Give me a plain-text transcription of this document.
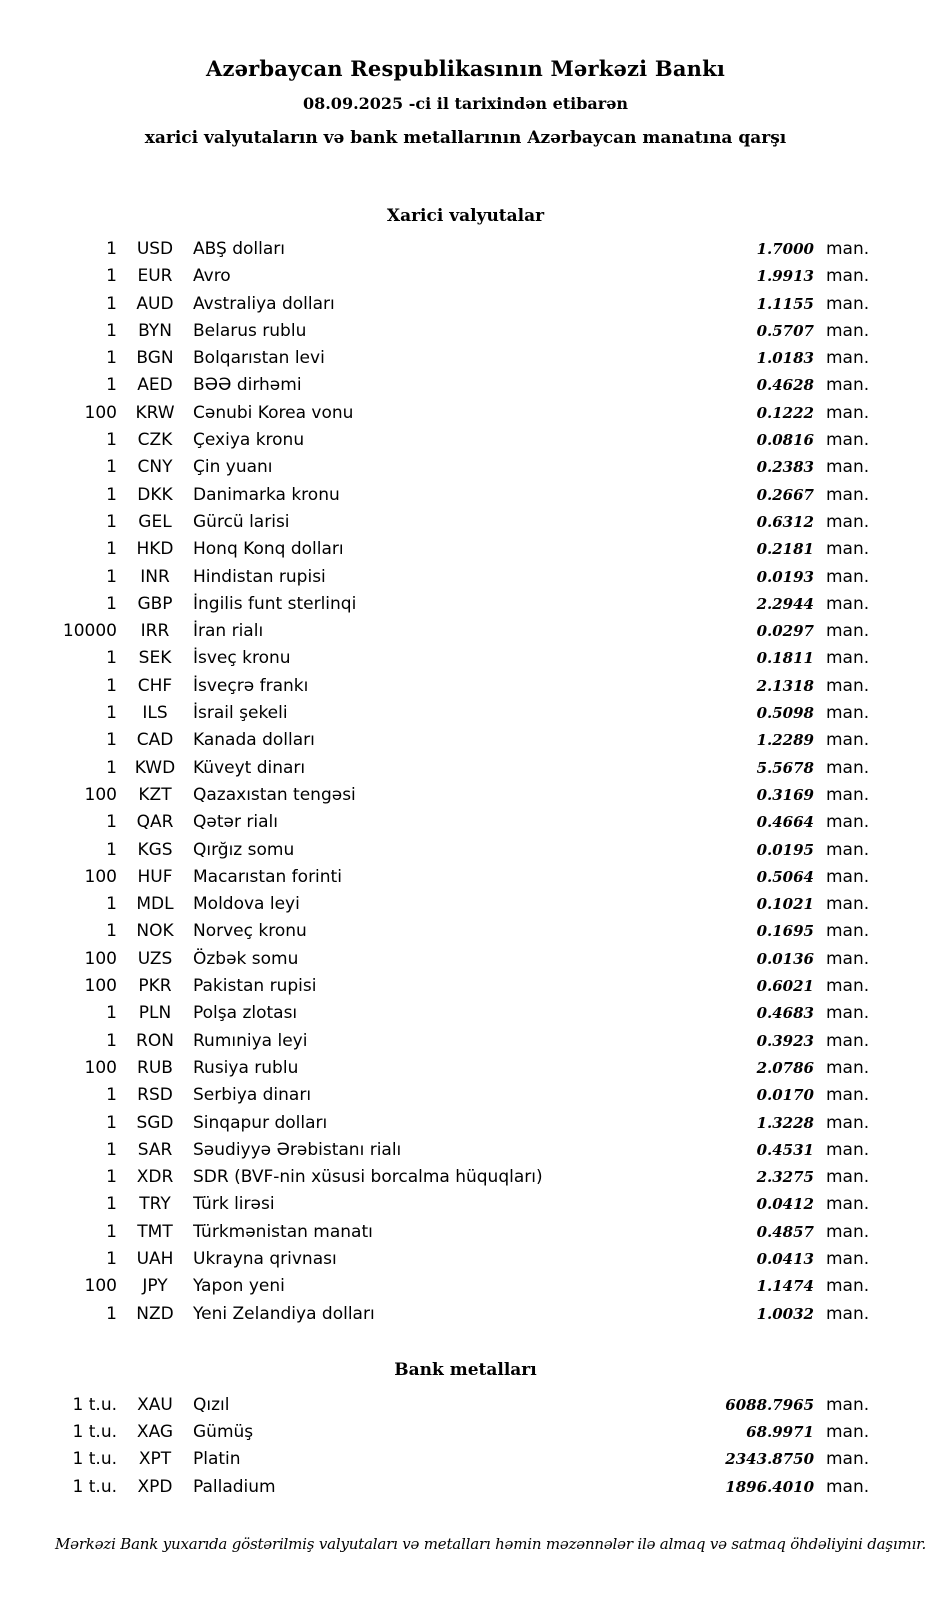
Azərbaycan Respublikasının Mərkəzi Bankı
08.09.2025 -ci il tarixindən etibarən
xarici valyutaların və bank metallarının Azərbaycan manatına qarşı
Xarici valyutalar
1	USD	ABŞ dolları	1.7000 man.
1	EUR	Avro	1.9913 man.
1	AUD	Avstraliya dolları	1.1155 man.
1	BYN	Belarus rublu	0.5707 man.
1	BGN	Bolqarıstan levi	1.0183 man.
1	AED	BƏƏ dirhəmi	0.4628 man.
100	KRW	Cənubi Korea vonu	0.1222 man.
1	CZK	Çexiya kronu	0.0816 man.
1	CNY	Çin yuanı	0.2383 man.
1	DKK	Danimarka kronu	0.2667 man.
1	GEL	Gürcü larisi	0.6312 man.
1	HKD	Honq Konq dolları	0.2181 man.
1	INR	Hindistan rupisi	0.0193 man.
1	GBP	İngilis funt sterlinqi	2.2944 man.
10000	IRR	İran rialı	0.0297 man.
1	SEK	İsveç kronu	0.1811 man.
1	CHF	İsveçrə frankı	2.1318 man.
1	ILS	İsrail şekeli	0.5098 man.
1	CAD	Kanada dolları	1.2289 man.
1	KWD	Küveyt dinarı	5.5678 man.
100	KZT	Qazaxıstan tengəsi	0.3169 man.
1	QAR	Qətər rialı	0.4664 man.
1	KGS	Qırğız somu	0.0195 man.
100	HUF	Macarıstan forinti	0.5064 man.
1	MDL	Moldova leyi	0.1021 man.
1	NOK	Norveç kronu	0.1695 man.
100	UZS	Özbək somu	0.0136 man.
100	PKR	Pakistan rupisi	0.6021 man.
1	PLN	Polşa zlotası	0.4683 man.
1	RON	Rumıniya leyi	0.3923 man.
100	RUB	Rusiya rublu	2.0786 man.
1	RSD	Serbiya dinarı	0.0170 man.
1	SGD	Sinqapur dolları	1.3228 man.
1	SAR	Səudiyyə Ərəbistanı rialı	0.4531 man.
1	XDR	SDR (BVF-nin xüsusi borcalma hüquqları)	2.3275 man.
1	TRY	Türk lirəsi	0.0412 man.
1	TMT	Türkmənistan manatı	0.4857 man.
1	UAH	Ukrayna qrivnası	0.0413 man.
100	JPY	Yapon yeni	1.1474 man.
1	NZD	Yeni Zelandiya dolları	1.0032 man.
Bank metalları
1 t.u.	XAU	Qızıl	6088.7965 man.
1 t.u.	XAG	Gümüş	68.9971 man.
1 t.u.	XPT	Platin	2343.8750 man.
1 t.u.	XPD	Palladium	1896.4010 man.
Mərkəzi Bank yuxarıda göstərilmiş valyutaları və metalları həmin məzənnələr ilə almaq və satmaq öhdəliyini daşımır.
